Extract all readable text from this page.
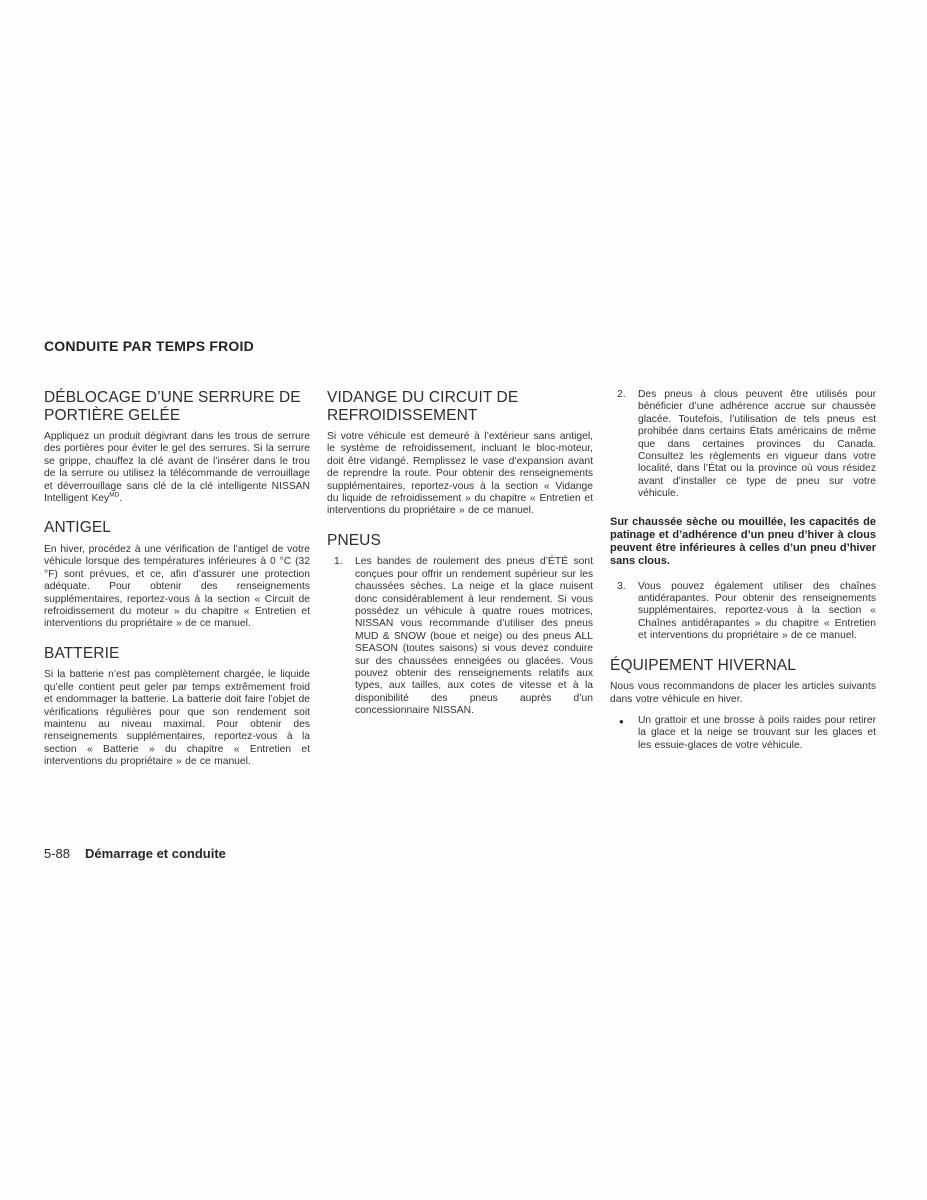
CONDUITE PAR TEMPS FROID
DÉBLOCAGE D’UNE SERRURE DE PORTIÈRE GELÉE

Appliquez un produit dégivrant dans les trous de serrure des portières pour éviter le gel des serrures. Si la serrure se grippe, chauffez la clé avant de l’insérer dans le trou de la serrure ou utilisez la télécommande de verrouillage et déverrouillage sans clé de la clé intelligente NISSAN Intelligent Key$^{MD}$.

ANTIGEL

En hiver, procédez à une vérification de l’antigel de votre véhicule lorsque des températures inférieures à 0 °C (32 °F) sont prévues, et ce, afin d’assurer une protection adéquate. Pour obtenir des renseignements supplémentaires, reportez-vous à la section « Circuit de refroidissement du moteur » du chapitre « Entretien et interventions du propriétaire » de ce manuel.

BATTERIE

Si la batterie n’est pas complètement chargée, le liquide qu’elle contient peut geler par temps extrêmement froid et endommager la batterie. La batterie doit faire l’objet de vérifications régulières pour que son rendement soit maintenu au niveau maximal. Pour obtenir des renseignements supplémentaires, reportez-vous à la section « Batterie » du chapitre « Entretien et interventions du propriétaire » de ce manuel.

VIDANGE DU CIRCUIT DE REFROIDISSEMENT

Si votre véhicule est demeuré à l’extérieur sans antigel, le système de refroidissement, incluant le bloc-moteur, doit être vidangé. Remplissez le vase d’expansion avant de reprendre la route. Pour obtenir des renseignements supplémentaires, reportez-vous à la section « Vidange du liquide de refroidissement » du chapitre « Entretien et interventions du propriétaire » de ce manuel.

PNEUS
1. Les bandes de roulement des pneus d’ÉTÉ sont conçues pour offrir un rendement supérieur sur les chaussées sèches. La neige et la glace nuisent donc considérablement à leur rendement. Si vous possédez un véhicule à quatre roues motrices, NISSAN vous recommande d’utiliser des pneus MUD & SNOW (boue et neige) ou des pneus ALL SEASON (toutes saisons) si vous devez conduire sur des chaussées enneigées ou glacées. Vous pouvez obtenir des renseignements relatifs aux types, aux tailles, aux cotes de vitesse et à la disponibilité des pneus auprès d’un concessionnaire NISSAN.

2. Des pneus à clous peuvent être utilisés pour bénéficier d’une adhérence accrue sur chaussée glacée. Toutefois, l’utilisation de tels pneus est prohibée dans certains États américains de même que dans certaines provinces du Canada. Consultez les règlements en vigueur dans votre localité, dans l’État ou la province où vous résidez avant d’installer ce type de pneu sur votre véhicule.

Sur chaussée sèche ou mouillée, les capacités de patinage et d’adhérence d’un pneu d’hiver à clous peuvent être inférieures à celles d’un pneu d’hiver sans clous.

3. Vous pouvez également utiliser des chaînes antidérapantes. Pour obtenir des renseignements supplémentaires, reportez-vous à la section « Chaînes antidérapantes » du chapitre « Entretien et interventions du propriétaire » de ce manuel.

ÉQUIPEMENT HIVERNAL

Nous vous recommandons de placer les articles suivants dans votre véhicule en hiver.

● Un grattoir et une brosse à poils raides pour retirer la glace et la neige se trouvant sur les glaces et les essuie-glaces de votre véhicule.

5-88 Démarrage et conduite
